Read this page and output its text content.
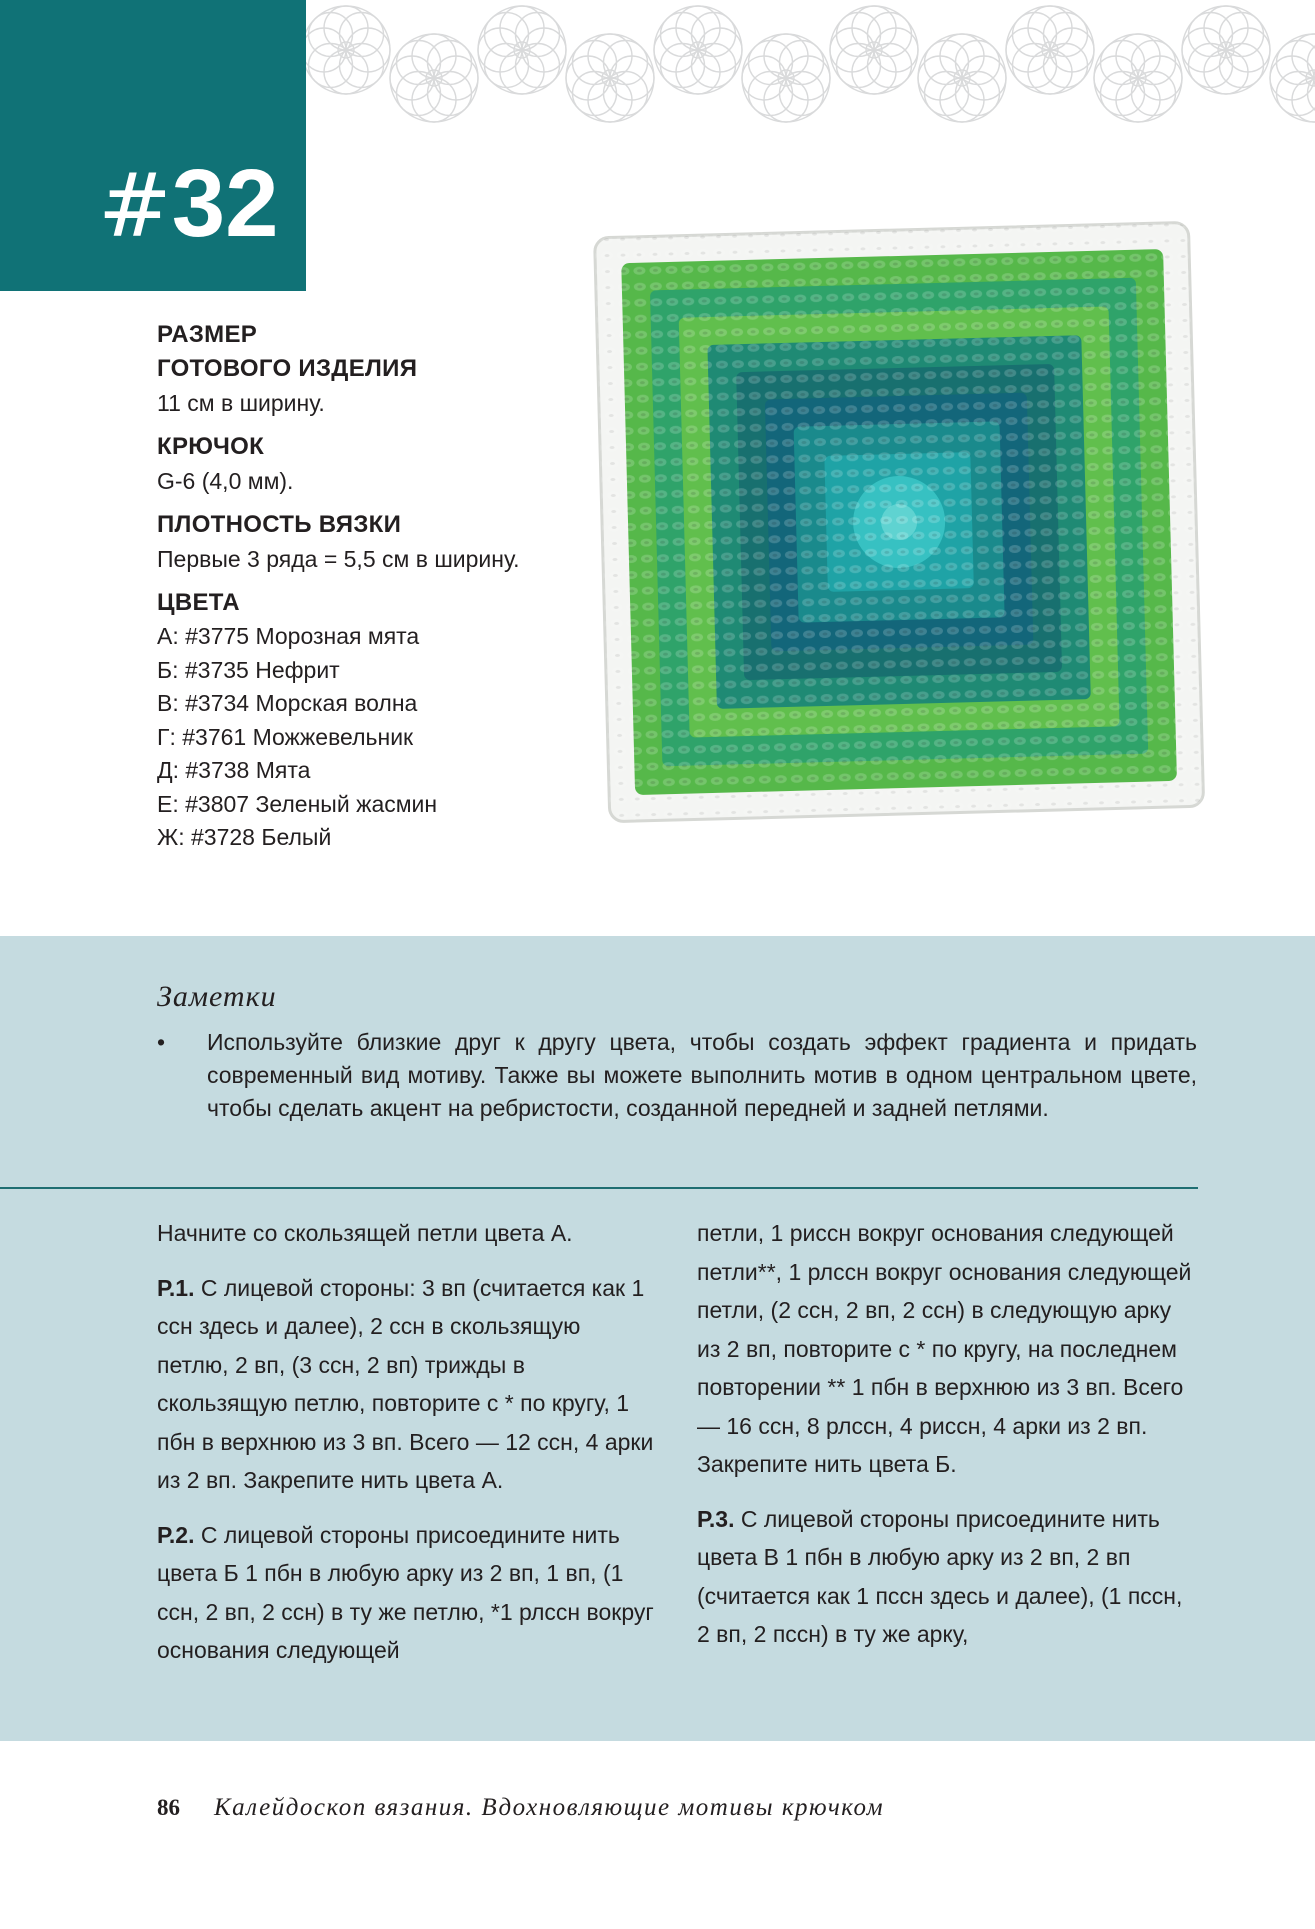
#32
РАЗМЕР
ГОТОВОГО ИЗДЕЛИЯ
11 см в ширину.
КРЮЧОК
G-6 (4,0 мм).
ПЛОТНОСТЬ ВЯЗКИ
Первые 3 ряда = 5,5 см в ширину.
ЦВЕТА
А: #3775 Морозная мята
Б: #3735 Нефрит
В: #3734 Морская волна
Г: #3761 Можжевельник
Д: #3738 Мята
Е: #3807 Зеленый жасмин
Ж: #3728 Белый
Заметки
• Используйте близкие друг к другу цвета, чтобы создать эффект градиента и придать современный вид мотиву. Также вы можете выполнить мотив в одном центральном цвете, чтобы сделать акцент на ребристости, созданной передней и задней петлями.

Начните со скользящей петли цвета А.

Р.1. С лицевой стороны: 3 вп (считается как 1 ссн здесь и далее), 2 ссн в скользящую петлю, 2 вп, (3 ссн, 2 вп) трижды в скользящую петлю, повторите с * по кругу, 1 пбн в верхнюю из 3 вп. Всего — 12 ссн, 4 арки из 2 вп. Закрепите нить цвета А.

Р.2. С лицевой стороны присоедините нить цвета Б 1 пбн в любую арку из 2 вп, 1 вп, (1 ссн, 2 вп, 2 ссн) в ту же петлю, *1 рлссн вокруг основания следующей

петли, 1 риссн вокруг основания следующей петли**, 1 рлссн вокруг основания следующей петли, (2 ссн, 2 вп, 2 ссн) в следующую арку из 2 вп, повторите с * по кругу, на последнем повторении ** 1 пбн в верхнюю из 3 вп. Всего — 16 ссн, 8 рлссн, 4 риссн, 4 арки из 2 вп. Закрепите нить цвета Б.

Р.3. С лицевой стороны присоедините нить цвета В 1 пбн в любую арку из 2 вп, 2 вп (считается как 1 пссн здесь и далее), (1 пссн, 2 вп, 2 пссн) в ту же арку,

86 Калейдоскоп вязания. Вдохновляющие мотивы крючком
